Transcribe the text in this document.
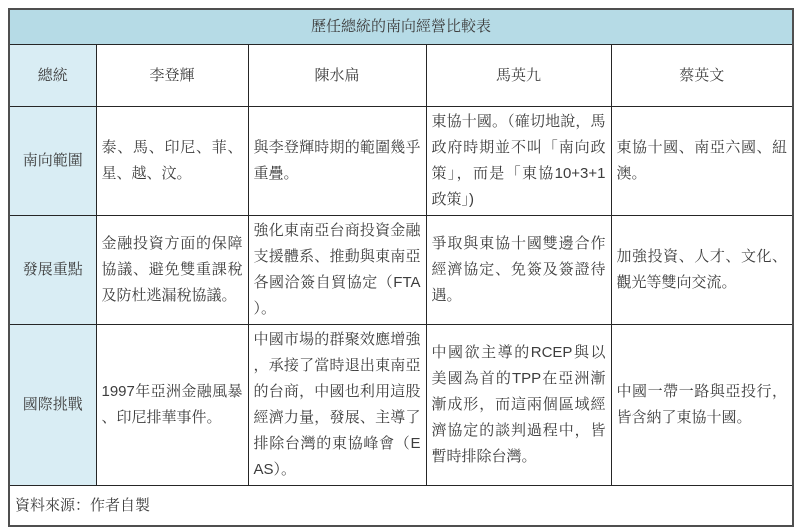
歷任總統的南向經營比較表				
總統	李登輝	陳水扁	馬英九	蔡英文
南向範圍	泰、馬、印尼、菲、星、越、汶。	與李登輝時期的範圍幾乎重疊。	東協十國。（確切地說，馬政府時期並不叫「南向政策」，而是「東協10+3+1政策」)	東協十國、南亞六國、紐澳。
發展重點	金融投資方面的保障協議、避免雙重課稅及防杜逃漏稅協議。	強化東南亞台商投資金融支援體系、推動與東南亞各國洽簽自貿協定（FTA）。	爭取與東協十國雙邊合作經濟協定、免簽及簽證待遇。	加強投資、人才、文化、觀光等雙向交流。
國際挑戰	1997年亞洲金融風暴、印尼排華事件。	中國市場的群聚效應增強，承接了當時退出東南亞的台商，中國也利用這股經濟力量，發展、主導了排除台灣的東協峰會（EAS）。	中國欲主導的RCEP與以美國為首的TPP在亞洲漸漸成形，而這兩個區域經濟協定的談判過程中，皆暫時排除台灣。	中國一帶一路與亞投行，皆含納了東協十國。
資料來源：作者自製				
